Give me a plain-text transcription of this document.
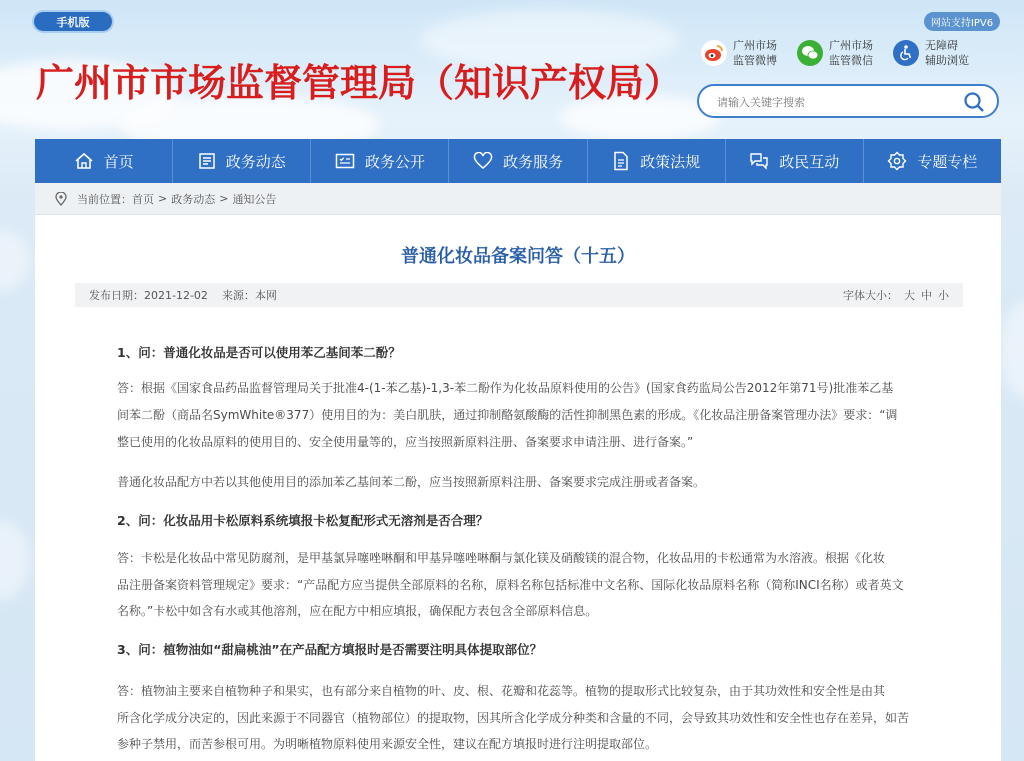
手机版	网站支持IPV6
广州市市场监督管理局（知识产权局）
广州市场
监管微博
广州市场
监管微信
无障碍
辅助浏览
请输入关键字搜索
首页	政务动态	政务公开	政务服务	政策法规	政民互动	专题专栏
当前位置： 首页 > 政务动态 > 通知公告
普通化妆品备案问答（十五）
发布日期： 2021-12-02 来源： 本网	字体大小： 大 中 小
1、问：普通化妆品是否可以使用苯乙基间苯二酚？
答：根据《国家食品药品监督管理局关于批准4-(1-苯乙基)-1,3-苯二酚作为化妆品原料使用的公告》(国家食药监局公告2012年第71号)批准苯乙基
间苯二酚（商品名SymWhite®377）使用目的为：美白肌肤，通过抑制酪氨酸酶的活性抑制黑色素的形成。《化妆品注册备案管理办法》要求：“调
整已使用的化妆品原料的使用目的、安全使用量等的，应当按照新原料注册、备案要求申请注册、进行备案。”
普通化妆品配方中若以其他使用目的添加苯乙基间苯二酚，应当按照新原料注册、备案要求完成注册或者备案。
2、问：化妆品用卡松原料系统填报卡松复配形式无溶剂是否合理？
答：卡松是化妆品中常见防腐剂，是甲基氯异噻唑啉酮和甲基异噻唑啉酮与氯化镁及硝酸镁的混合物，化妆品用的卡松通常为水溶液。根据《化妆
品注册备案资料管理规定》要求：“产品配方应当提供全部原料的名称，原料名称包括标准中文名称、国际化妆品原料名称（简称INCI名称）或者英文
名称。”卡松中如含有水或其他溶剂，应在配方中相应填报，确保配方表包含全部原料信息。
3、问：植物油如“甜扁桃油”在产品配方填报时是否需要注明具体提取部位？
答：植物油主要来自植物种子和果实，也有部分来自植物的叶、皮、根、花瓣和花蕊等。植物的提取形式比较复杂，由于其功效性和安全性是由其
所含化学成分决定的，因此来源于不同器官（植物部位）的提取物，因其所含化学成分种类和含量的不同，会导致其功效性和安全性也存在差异，如苦
参种子禁用，而苦参根可用。为明晰植物原料使用来源安全性，建议在配方填报时进行注明提取部位。
